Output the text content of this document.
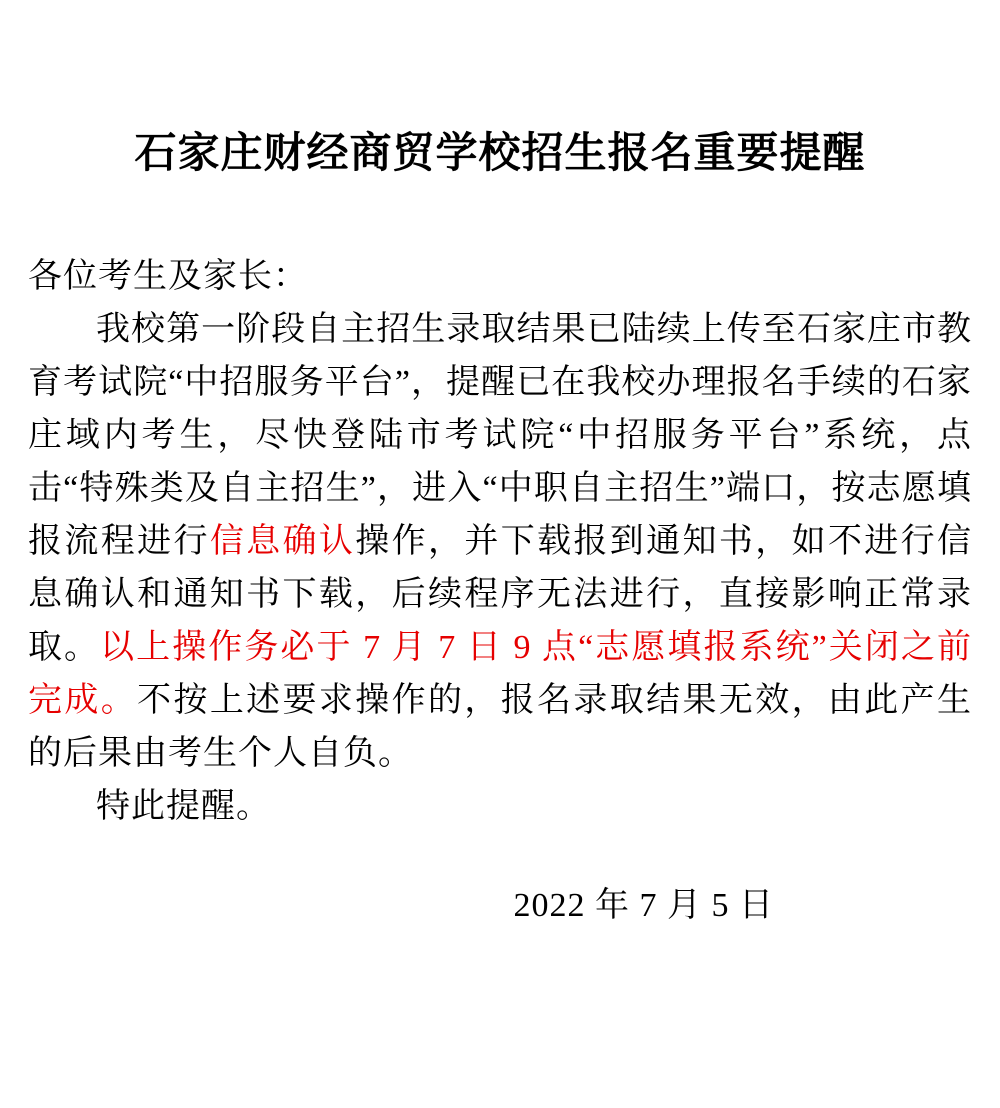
石家庄财经商贸学校招生报名重要提醒

各位考生及家长：

我校第一阶段自主招生录取结果已陆续上传至石家庄市教育考试院“中招服务平台”，提醒已在我校办理报名手续的石家庄域内考生，尽快登陆市考试院“中招服务平台”系统，点击“特殊类及自主招生”，进入“中职自主招生”端口，按志愿填报流程进行信息确认操作，并下载报到通知书，如不进行信息确认和通知书下载，后续程序无法进行，直接影响正常录取。以上操作务必于 7 月 7 日 9 点“志愿填报系统”关闭之前完成。不按上述要求操作的，报名录取结果无效，由此产生的后果由考生个人自负。

特此提醒。

2022 年 7 月 5 日
